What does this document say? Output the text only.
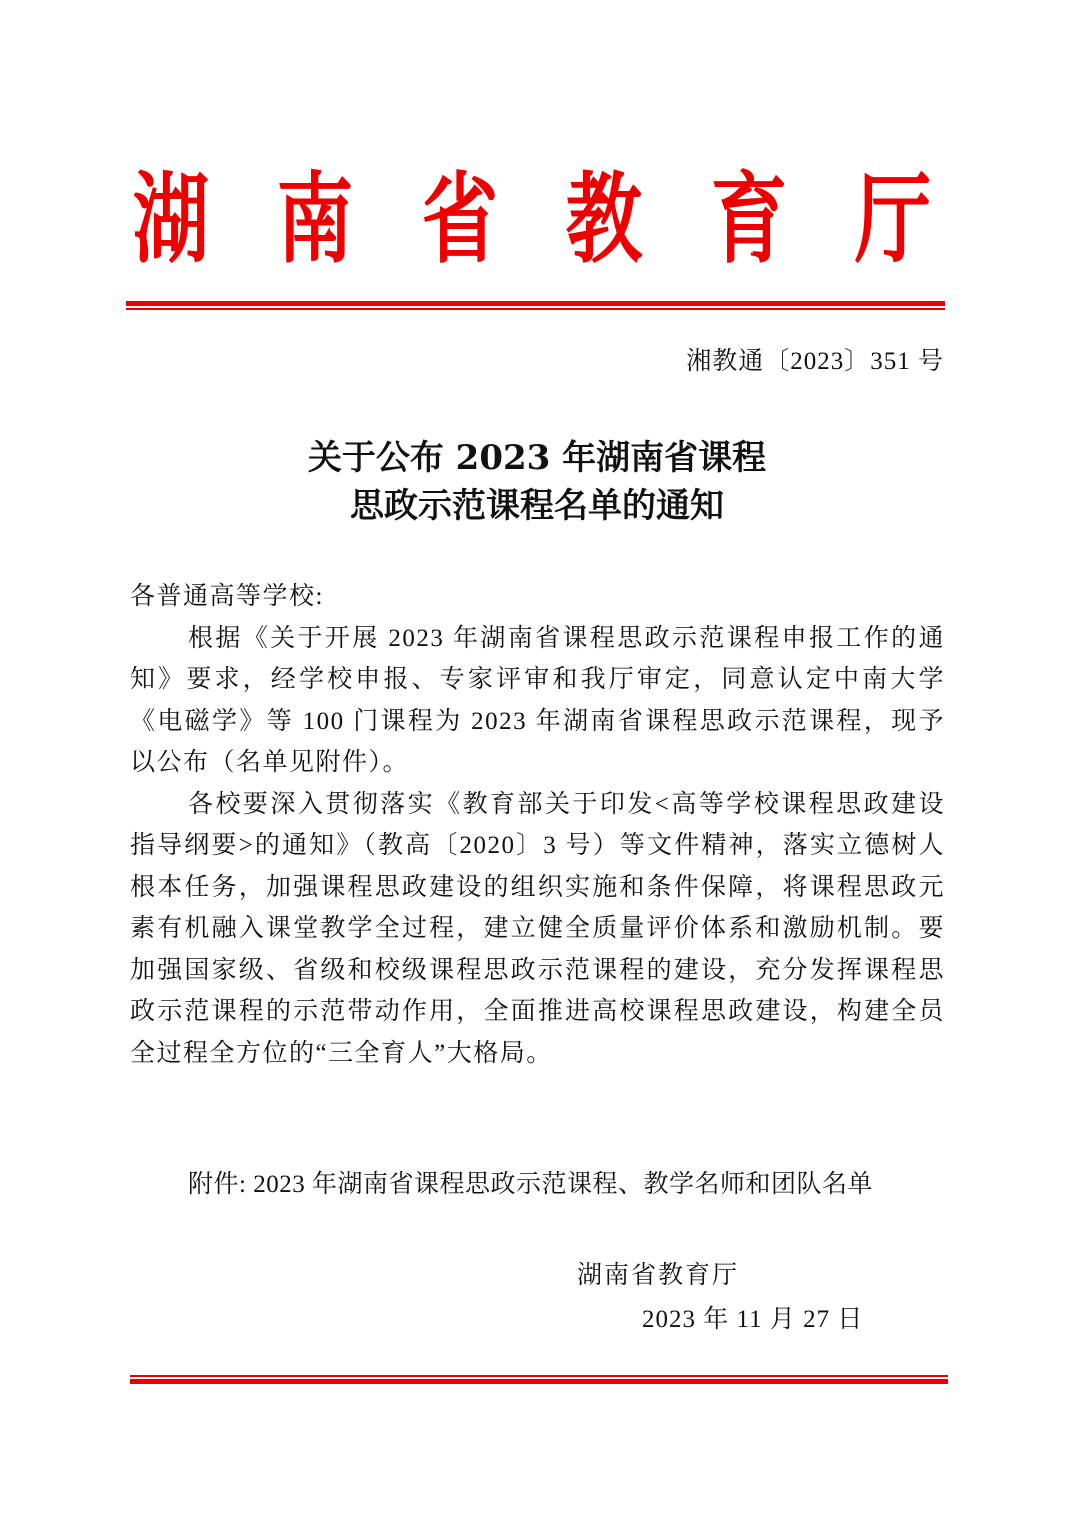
湖 南 省 教 育 厅
湘教通〔2023〕351 号
关于公布 2023 年湖南省课程
思政示范课程名单的通知

各普通高等学校:

根据《关于开展 2023 年湖南省课程思政示范课程申报工作的通知》要求，经学校申报、专家评审和我厅审定，同意认定中南大学《电磁学》等 100 门课程为 2023 年湖南省课程思政示范课程，现予以公布（名单见附件）。

各校要深入贯彻落实《教育部关于印发<高等学校课程思政建设指导纲要>的通知》（教高〔2020〕3 号）等文件精神，落实立德树人根本任务，加强课程思政建设的组织实施和条件保障，将课程思政元素有机融入课堂教学全过程，建立健全质量评价体系和激励机制。要加强国家级、省级和校级课程思政示范课程的建设，充分发挥课程思政示范课程的示范带动作用，全面推进高校课程思政建设，构建全员全过程全方位的“三全育人”大格局。

附件: 2023 年湖南省课程思政示范课程、教学名师和团队名单
湖南省教育厅
2023 年 11 月 27 日
